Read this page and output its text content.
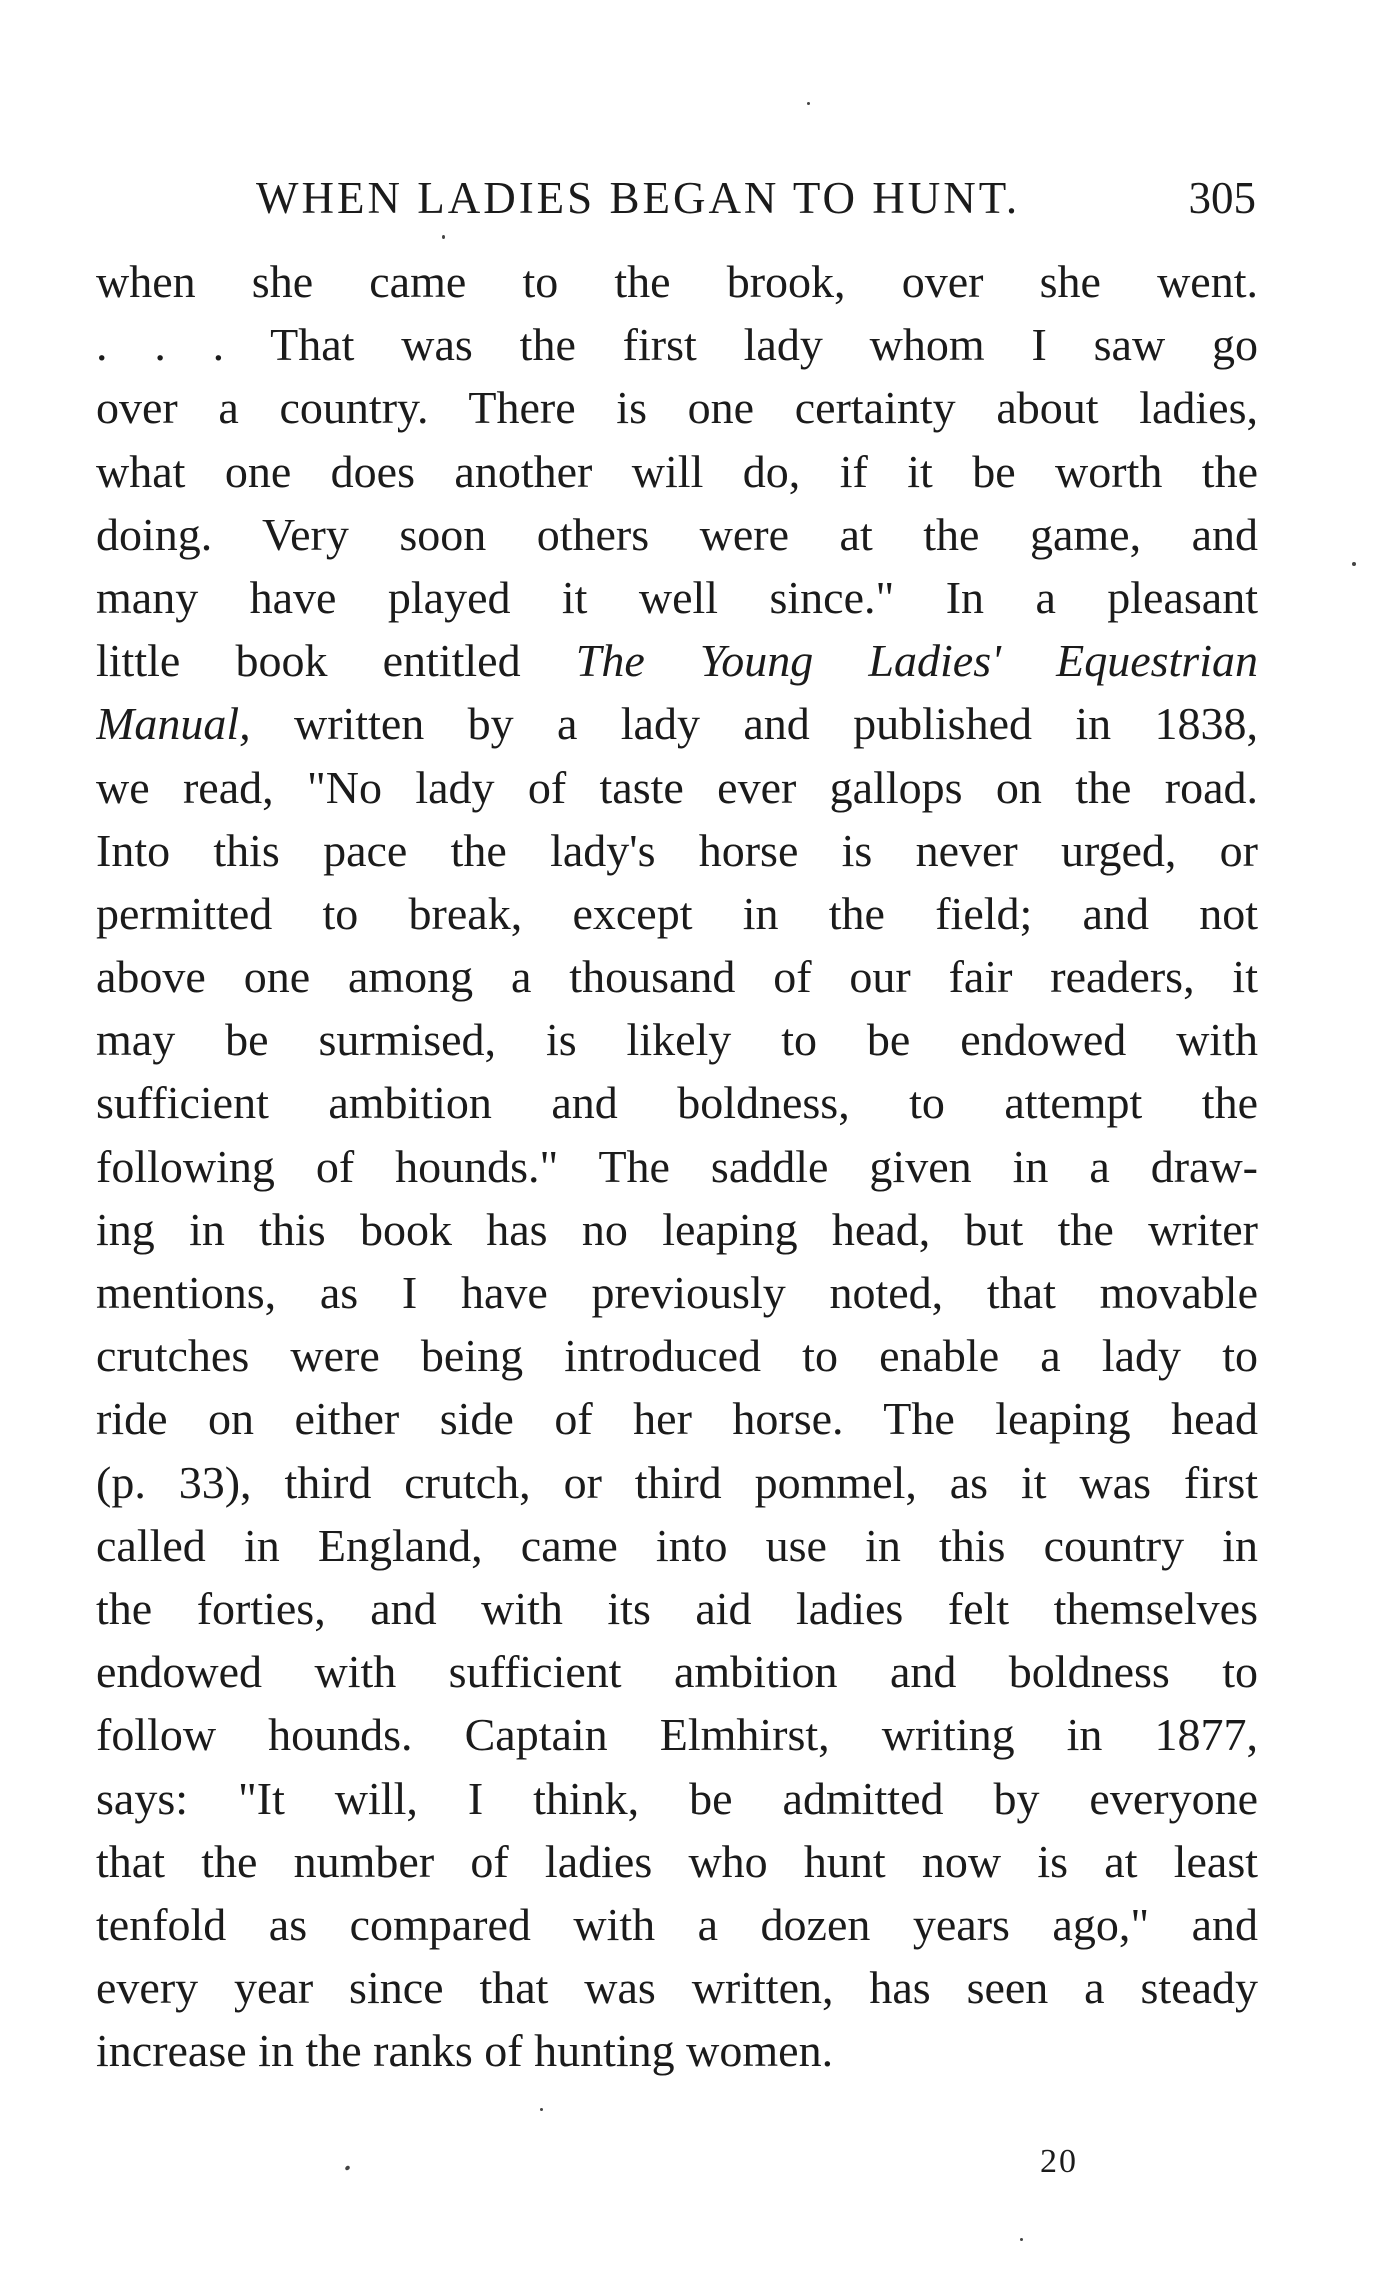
WHEN LADIES BEGAN TO HUNT.	305
when she came to the brook, over she went.
. . . That was the first lady whom I saw go
over a country. There is one certainty about ladies,
what one does another will do, if it be worth the
doing. Very soon others were at the game, and
many have played it well since." In a pleasant
little book entitled The Young Ladies' Equestrian
Manual, written by a lady and published in 1838,
we read, "No lady of taste ever gallops on the road.
Into this pace the lady's horse is never urged, or
permitted to break, except in the field; and not
above one among a thousand of our fair readers, it
may be surmised, is likely to be endowed with
sufficient ambition and boldness, to attempt the
following of hounds." The saddle given in a draw-
ing in this book has no leaping head, but the writer
mentions, as I have previously noted, that movable
crutches were being introduced to enable a lady to
ride on either side of her horse. The leaping head
(p. 33), third crutch, or third pommel, as it was first
called in England, came into use in this country in
the forties, and with its aid ladies felt themselves
endowed with sufficient ambition and boldness to
follow hounds. Captain Elmhirst, writing in 1877,
says: "It will, I think, be admitted by everyone
that the number of ladies who hunt now is at least
tenfold as compared with a dozen years ago," and
every year since that was written, has seen a steady
increase in the ranks of hunting women.
20
